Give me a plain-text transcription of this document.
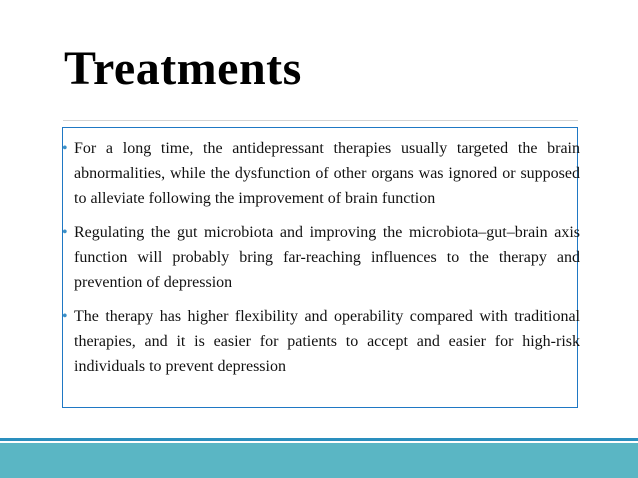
Treatments
• For a long time, the antidepressant therapies usually targeted the brain abnormalities, while the dysfunction of other organs was ignored or supposed to alleviate following the improvement of brain function
• Regulating the gut microbiota and improving the microbiota–gut–brain axis function will probably bring far-reaching influences to the therapy and prevention of depression
• The therapy has higher flexibility and operability compared with traditional therapies, and it is easier for patients to accept and easier for high-risk individuals to prevent depression
